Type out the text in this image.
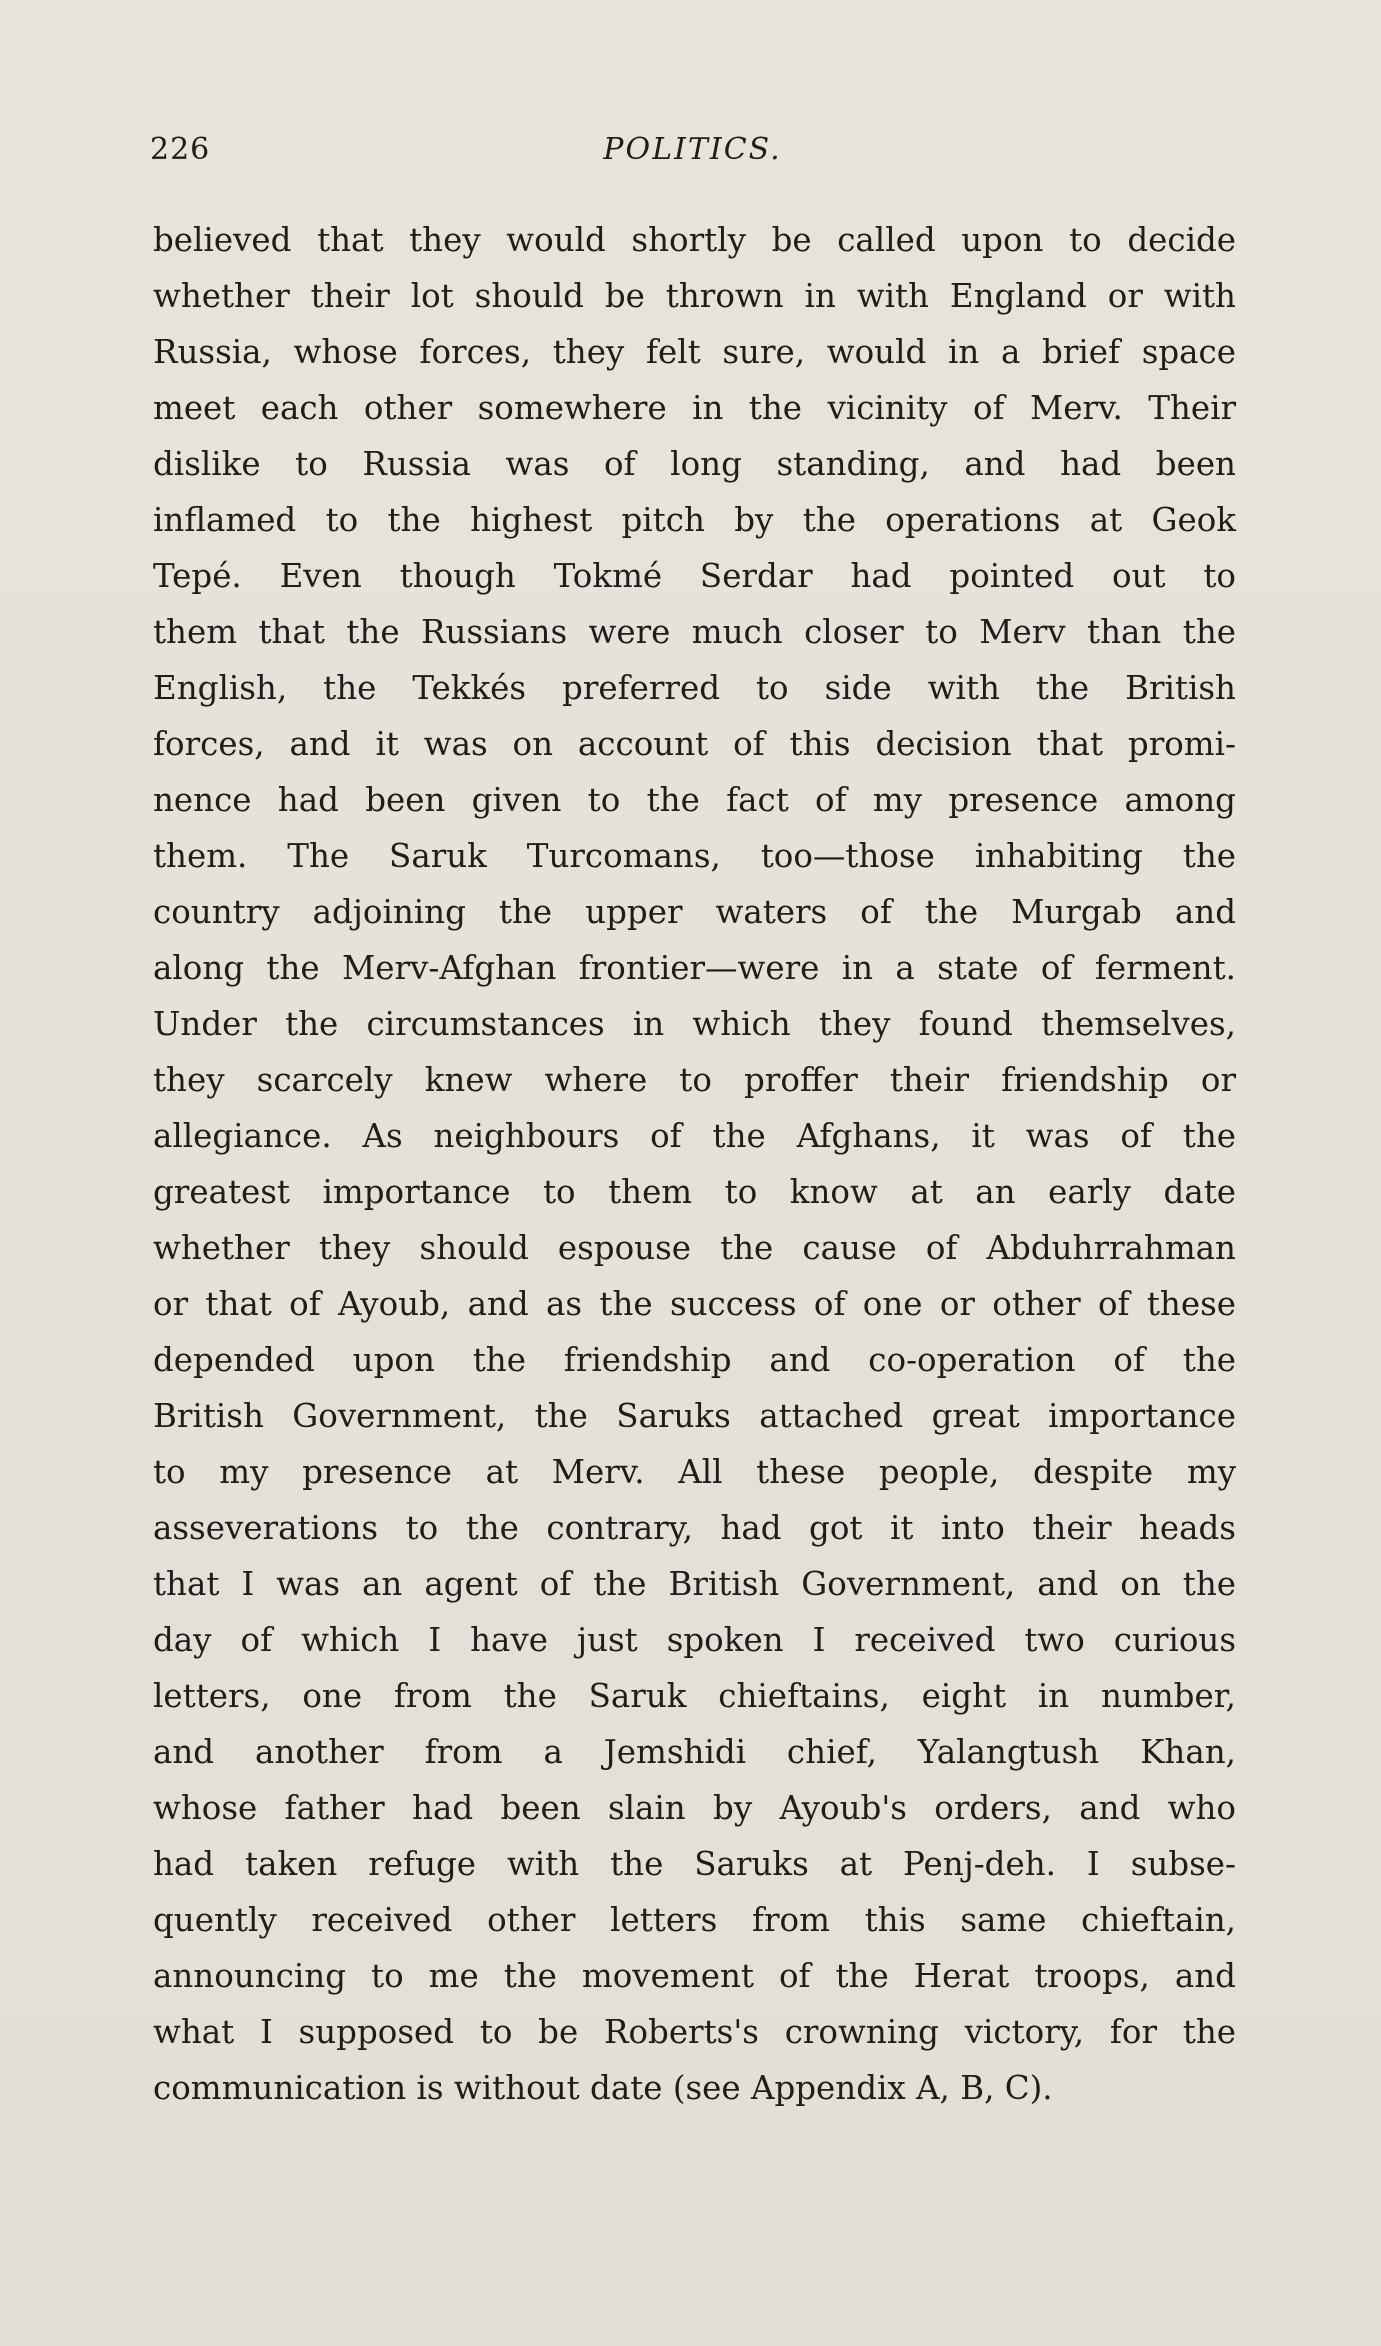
226	POLITICS.
believed that they would shortly be called upon to decide
whether their lot should be thrown in with England or with
Russia, whose forces, they felt sure, would in a brief space
meet each other somewhere in the vicinity of Merv. Their
dislike to Russia was of long standing, and had been
inflamed to the highest pitch by the operations at Geok
Tepé. Even though Tokmé Serdar had pointed out to
them that the Russians were much closer to Merv than the
English, the Tekkés preferred to side with the British
forces, and it was on account of this decision that promi-
nence had been given to the fact of my presence among
them. The Saruk Turcomans, too—those inhabiting the
country adjoining the upper waters of the Murgab and
along the Merv-Afghan frontier—were in a state of ferment.
Under the circumstances in which they found themselves,
they scarcely knew where to proffer their friendship or
allegiance. As neighbours of the Afghans, it was of the
greatest importance to them to know at an early date
whether they should espouse the cause of Abduhrrahman
or that of Ayoub, and as the success of one or other of these
depended upon the friendship and co-operation of the
British Government, the Saruks attached great importance
to my presence at Merv. All these people, despite my
asseverations to the contrary, had got it into their heads
that I was an agent of the British Government, and on the
day of which I have just spoken I received two curious
letters, one from the Saruk chieftains, eight in number,
and another from a Jemshidi chief, Yalangtush Khan,
whose father had been slain by Ayoub's orders, and who
had taken refuge with the Saruks at Penj-deh. I subse-
quently received other letters from this same chieftain,
announcing to me the movement of the Herat troops, and
what I supposed to be Roberts's crowning victory, for the
communication is without date (see Appendix A, B, C).
